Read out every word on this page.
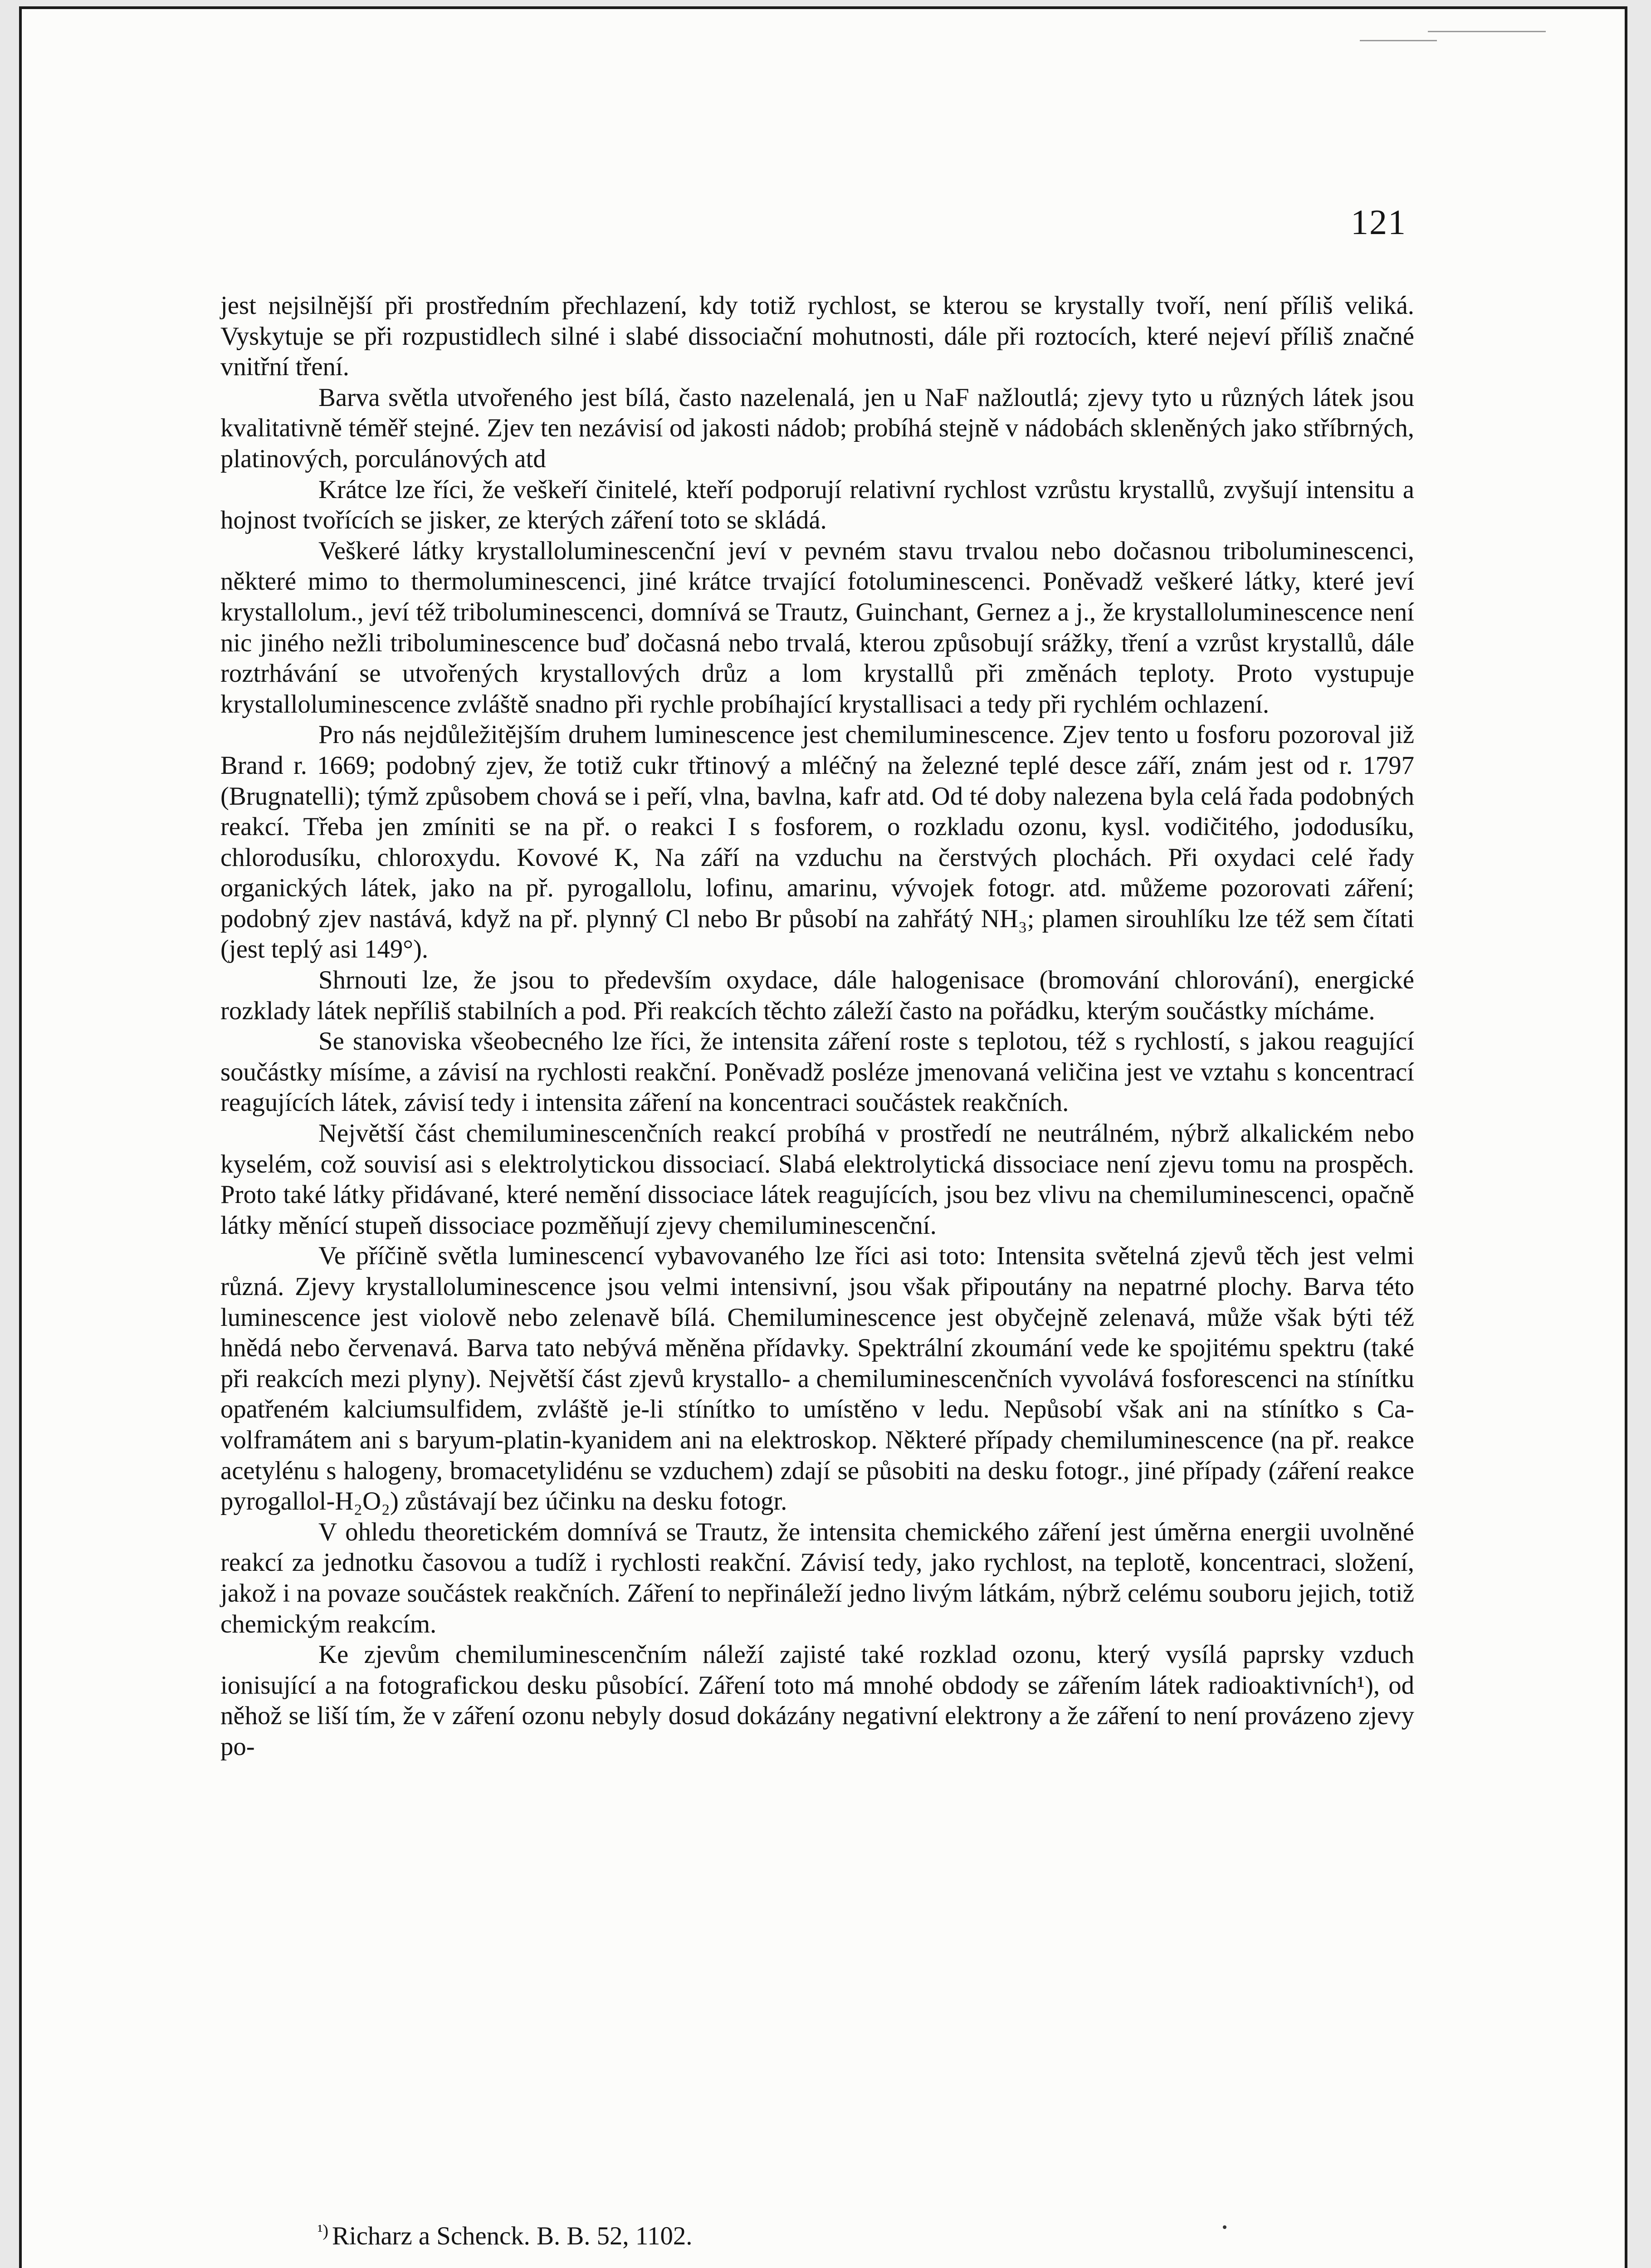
121

jest nejsilnější při prostředním přechlazení, kdy totiž rychlost, se kterou se krystally tvoří, není příliš veliká. Vyskytuje se při rozpustidlech silné i slabé dissociační mohutnosti, dále při roztocích, které nejeví příliš značné vnitřní tření.

Barva světla utvořeného jest bílá, často nazelenalá, jen u NaF nažloutlá; zjevy tyto u různých látek jsou kvalitativně téměř stejné. Zjev ten nezávisí od jakosti nádob; probíhá stejně v nádobách skleněných jako stříbrných, platinových, porculánových atd

Krátce lze říci, že veškeří činitelé, kteří podporují relativní rychlost vzrůstu krystallů, zvyšují intensitu a hojnost tvořících se jisker, ze kterých záření toto se skládá.

Veškeré látky krystalloluminescenční jeví v pevném stavu trvalou nebo dočasnou triboluminescenci, některé mimo to thermoluminescenci, jiné krátce trvající fotoluminescenci. Poněvadž veškeré látky, které jeví krystallolum., jeví též triboluminescenci, domnívá se Trautz, Guinchant, Gernez a j., že krystalloluminescence není nic jiného nežli triboluminescence buď dočasná nebo trvalá, kterou způsobují srážky, tření a vzrůst krystallů, dále roztrhávání se utvořených krystallových drůz a lom krystallů při změnách teploty. Proto vystupuje krystalloluminescence zvláště snadno při rychle probíhající krystallisaci a tedy při rychlém ochlazení.

Pro nás nejdůležitějším druhem luminescence jest chemiluminescence. Zjev tento u fosforu pozoroval již Brand r. 1669; podobný zjev, že totiž cukr třtinový a mléčný na železné teplé desce září, znám jest od r. 1797 (Brugnatelli); týmž způsobem chová se i peří, vlna, bavlna, kafr atd. Od té doby nalezena byla celá řada podobných reakcí. Třeba jen zmíniti se na př. o reakci I s fosforem, o rozkladu ozonu, kysl. vodičitého, jododusíku, chlorodusíku, chloroxydu. Kovové K, Na září na vzduchu na čerstvých plochách. Při oxydaci celé řady organických látek, jako na př. pyrogallolu, lofinu, amarinu, vývojek fotogr. atd. můžeme pozorovati záření; podobný zjev nastává, když na př. plynný Cl nebo Br působí na zahřátý NH₃; plamen sirouhlíku lze též sem čítati (jest teplý asi 149°).

Shrnouti lze, že jsou to především oxydace, dále halogenisace (bromování chlorování), energické rozklady látek nepříliš stabilních a pod. Při reakcích těchto záleží často na pořádku, kterým součástky mícháme.

Se stanoviska všeobecného lze říci, že intensita záření roste s teplotou, též s rychlostí, s jakou reagující součástky mísíme, a závisí na rychlosti reakční. Poněvadž posléze jmenovaná veličina jest ve vztahu s koncentrací reagujících látek, závisí tedy i intensita záření na koncentraci součástek reakčních.

Největší část chemiluminescenčních reakcí probíhá v prostředí ne neutrálném, nýbrž alkalickém nebo kyselém, což souvisí asi s elektrolytickou dissociací. Slabá elektrolytická dissociace není zjevu tomu na prospěch. Proto také látky přidávané, které nemění dissociace látek reagujících, jsou bez vlivu na chemiluminescenci, opačně látky měnící stupeň dissociace pozměňují zjevy chemiluminescenční.

Ve příčině světla luminescencí vybavovaného lze říci asi toto: Intensita světelná zjevů těch jest velmi různá. Zjevy krystalloluminescence jsou velmi intensivní, jsou však připoutány na nepatrné plochy. Barva této luminescence jest violově nebo zelenavě bílá. Chemiluminescence jest obyčejně zelenavá, může však býti též hnědá nebo červenavá. Barva tato nebývá měněna přídavky. Spektrální zkoumání vede ke spojitému spektru (také při reakcích mezi plyny). Největší část zjevů krystallo- a chemiluminescenčních vyvolává fosforescenci na stínítku opatřeném kalciumsulfidem, zvláště je-li stínítko to umístěno v ledu. Nepůsobí však ani na stínítko s Ca-volframátem ani s baryum-platin-kyanidem ani na elektroskop. Některé případy chemiluminescence (na př. reakce acetylénu s halogeny, bromacetylidénu se vzduchem) zdají se působiti na desku fotogr., jiné případy (záření reakce pyrogallol-H₂O₂) zůstávají bez účinku na desku fotogr.

V ohledu theoretickém domnívá se Trautz, že intensita chemického záření jest úměrna energii uvolněné reakcí za jednotku časovou a tudíž i rychlosti reakční. Závisí tedy, jako rychlost, na teplotě, koncentraci, složení, jakož i na povaze součástek reakčních. Záření to nepřináleží jedno livým látkám, nýbrž celému souboru jejich, totiž chemickým reakcím.

Ke zjevům chemiluminescenčním náleží zajisté také rozklad ozonu, který vysílá paprsky vzduch ionisující a na fotografickou desku působící. Záření toto má mnohé obdody se zářením látek radioaktivních¹), od něhož se liší tím, že v záření ozonu nebyly dosud dokázány negativní elektrony a že záření to není provázeno zjevy po-

$^{^1)}$ Richarz a Schenck. B. B. 52, 1102.
